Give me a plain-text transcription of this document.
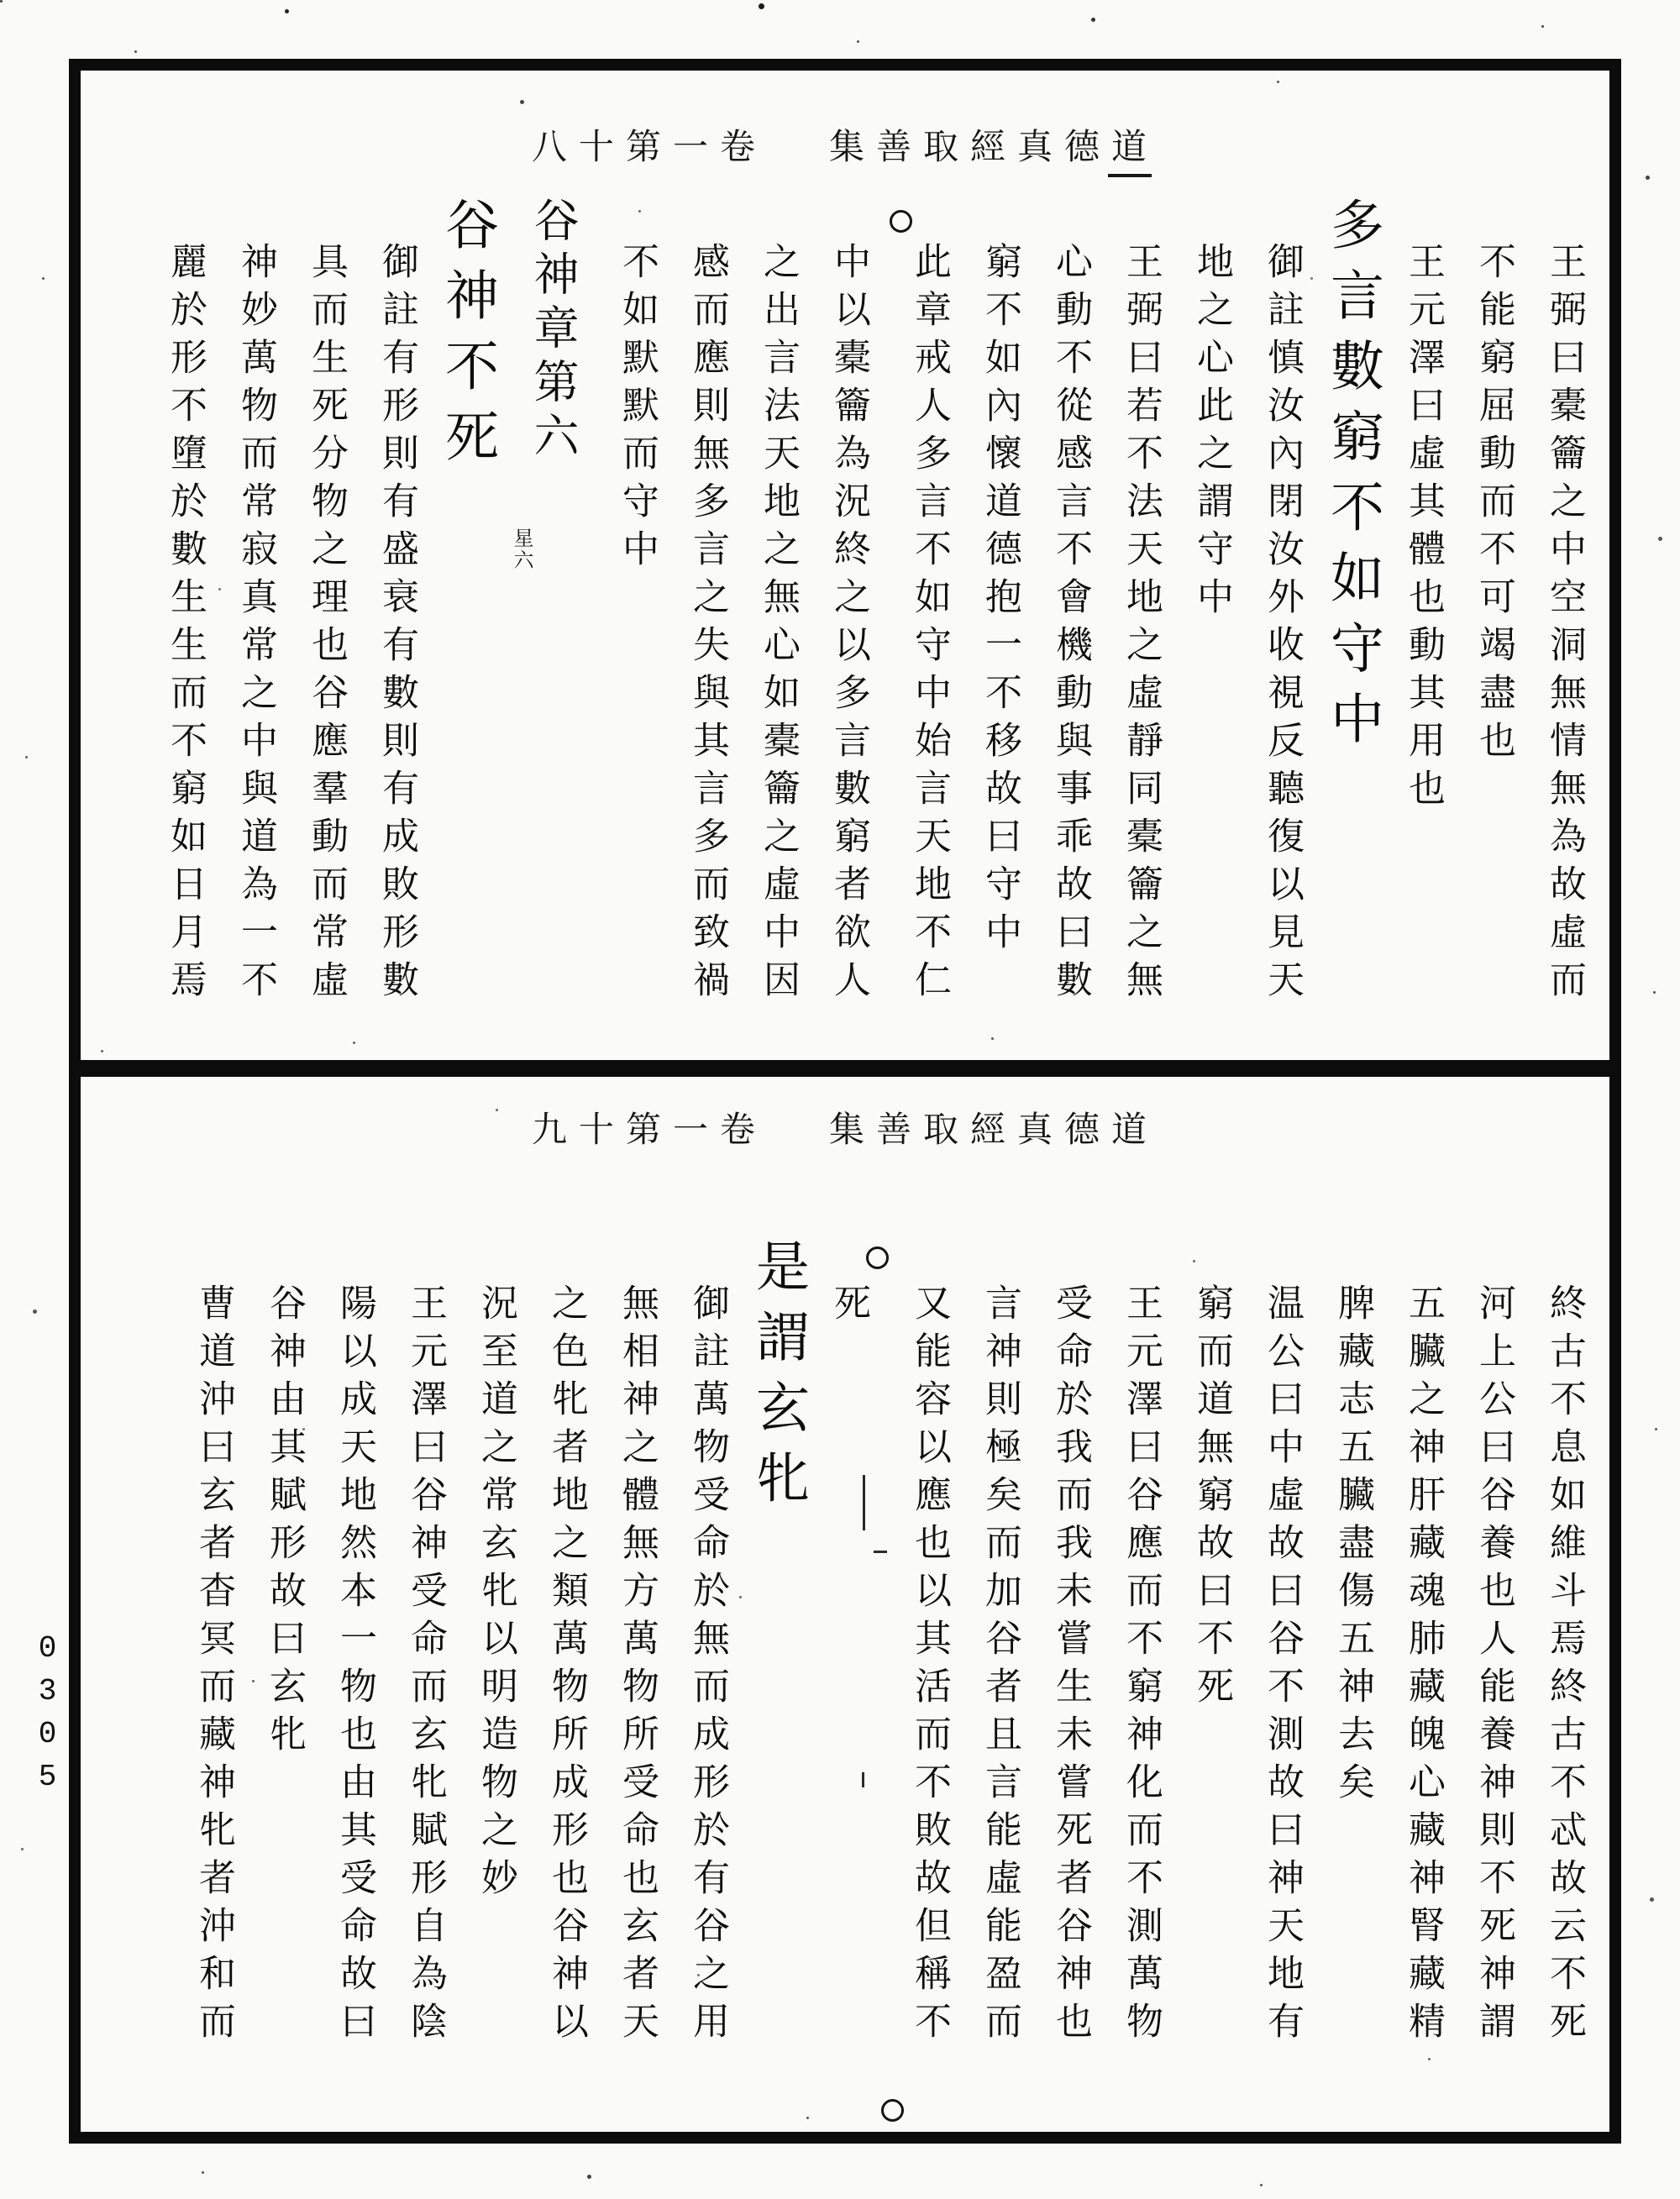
0305
八十第一卷 集善取經真德道
王弼曰橐籥之中空洞無情無為故虛而
不能窮屈動而不可竭盡也
王元澤曰虛其體也動其用也
多言數窮不如守中
御註慎汝內閉汝外收視反聽復以見天
地之心此之謂守中
王弼曰若不法天地之虛靜同橐籥之無
心動不從感言不會機動與事乖故曰數
窮不如內懷道德抱一不移故曰守中
此章戒人多言不如守中始言天地不仁
中以橐籥為況終之以多言數窮者欲人
之出言法天地之無心如橐籥之虛中因
感而應則無多言之失與其言多而致禍
不如默默而守中
谷神章第六 星六
谷神不死
御註有形則有盛衰有數則有成敗形數
具而生死分物之理也谷應羣動而常虛
神妙萬物而常寂真常之中與道為一不
麗於形不墮於數生生而不窮如日月焉
九十第一卷 集善取經真德道
終古不息如維斗焉終古不忒故云不死
河上公曰谷養也人能養神則不死神謂
五臟之神肝藏魂肺藏魄心藏神腎藏精
脾藏志五臟盡傷五神去矣
温公曰中虛故曰谷不測故曰神天地有
窮而道無窮故曰不死
王元澤曰谷應而不窮神化而不測萬物
受命於我而我未嘗生未嘗死者谷神也
言神則極矣而加谷者且言能虛能盈而
又能容以應也以其活而不敗故但稱不
死
是謂玄牝
御註萬物受命於無而成形於有谷之用
無相神之體無方萬物所受命也玄者天
之色牝者地之類萬物所成形也谷神以
況至道之常玄牝以明造物之妙
王元澤曰谷神受命而玄牝賦形自為陰
陽以成天地然本一物也由其受命故曰
谷神由其賦形故曰玄牝
曹道沖曰玄者杳冥而藏神牝者沖和而
